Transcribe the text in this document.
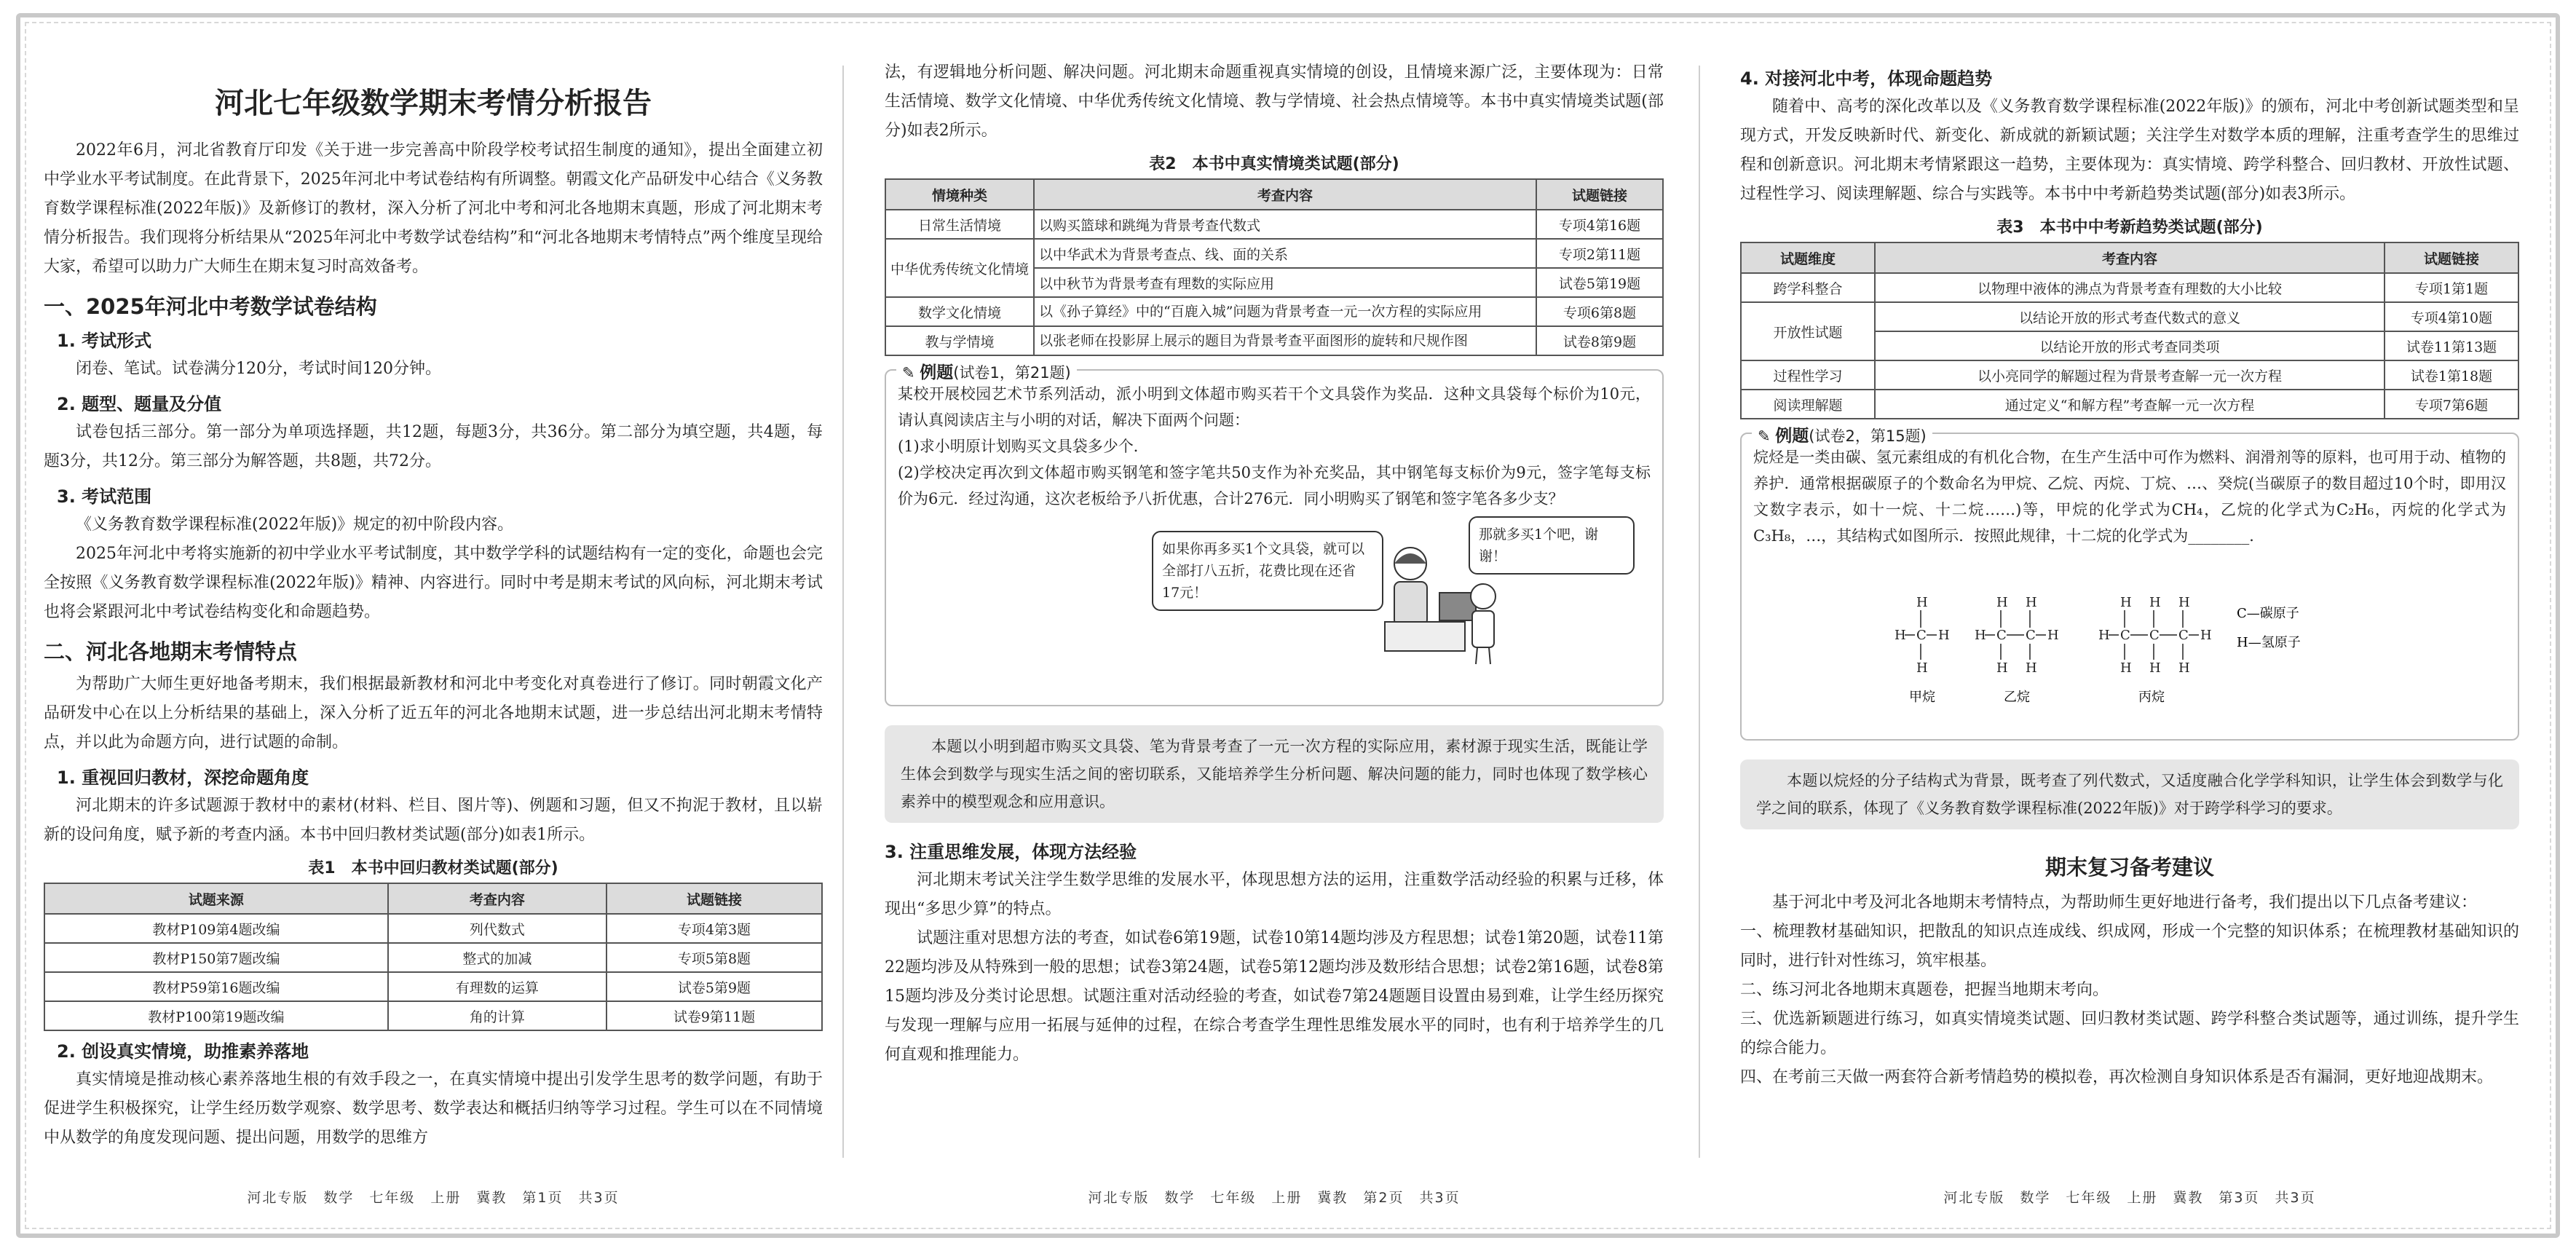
河北七年级数学期末考情分析报告

2022年6月，河北省教育厅印发《关于进一步完善高中阶段学校考试招生制度的通知》，提出全面建立初中学业水平考试制度。在此背景下，2025年河北中考试卷结构有所调整。朝霞文化产品研发中心结合《义务教育数学课程标准(2022年版)》及新修订的教材，深入分析了河北中考和河北各地期末真题，形成了河北期末考情分析报告。我们现将分析结果从“2025年河北中考数学试卷结构”和“河北各地期末考情特点”两个维度呈现给大家，希望可以助力广大师生在期末复习时高效备考。

一、2025年河北中考数学试卷结构
1. 考试形式

闭卷、笔试。试卷满分120分，考试时间120分钟。

2. 题型、题量及分值

试卷包括三部分。第一部分为单项选择题，共12题，每题3分，共36分。第二部分为填空题，共4题，每题3分，共12分。第三部分为解答题，共8题，共72分。

3. 考试范围

《义务教育数学课程标准(2022年版)》规定的初中阶段内容。

2025年河北中考将实施新的初中学业水平考试制度，其中数学学科的试题结构有一定的变化，命题也会完全按照《义务教育数学课程标准(2022年版)》精神、内容进行。同时中考是期末考试的风向标，河北期末考试也将会紧跟河北中考试卷结构变化和命题趋势。

二、河北各地期末考情特点

为帮助广大师生更好地备考期末，我们根据最新教材和河北中考变化对真卷进行了修订。同时朝霞文化产品研发中心在以上分析结果的基础上，深入分析了近五年的河北各地期末试题，进一步总结出河北期末考情特点，并以此为命题方向，进行试题的命制。

1. 重视回归教材，深挖命题角度

河北期末的许多试题源于教材中的素材(材料、栏目、图片等)、例题和习题，但又不拘泥于教材，且以崭新的设问角度，赋予新的考查内涵。本书中回归教材类试题(部分)如表1所示。

表1　本书中回归教材类试题(部分)
试题来源	考查内容	试题链接
教材P109第4题改编	列代数式	专项4第3题
教材P150第7题改编	整式的加减	专项5第8题
教材P59第16题改编	有理数的运算	试卷5第9题
教材P100第19题改编	角的计算	试卷9第11题
2. 创设真实情境，助推素养落地

真实情境是推动核心素养落地生根的有效手段之一，在真实情境中提出引发学生思考的数学问题，有助于促进学生积极探究，让学生经历数学观察、数学思考、数学表达和概括归纳等学习过程。学生可以在不同情境中从数学的角度发现问题、提出问题，用数学的思维方

法，有逻辑地分析问题、解决问题。河北期末命题重视真实情境的创设，且情境来源广泛，主要体现为：日常生活情境、数学文化情境、中华优秀传统文化情境、教与学情境、社会热点情境等。本书中真实情境类试题(部分)如表2所示。

表2　本书中真实情境类试题(部分)
情境种类	考查内容	试题链接
日常生活情境	以购买篮球和跳绳为背景考查代数式	专项4第16题
中华优秀传统文化情境	以中华武术为背景考查点、线、面的关系	专项2第11题
	以中秋节为背景考查有理数的实际应用	试卷5第19题
数学文化情境	以《孙子算经》中的“百鹿入城”问题为背景考查一元一次方程的实际应用	专项6第8题
教与学情境	以张老师在投影屏上展示的题目为背景考查平面图形的旋转和尺规作图	试卷8第9题
✎ 例题(试卷1，第21题)

某校开展校园艺术节系列活动，派小明到文体超市购买若干个文具袋作为奖品．这种文具袋每个标价为10元，请认真阅读店主与小明的对话，解决下面两个问题：

(1)求小明原计划购买文具袋多少个．

(2)学校决定再次到文体超市购买钢笔和签字笔共50支作为补充奖品，其中钢笔每支标价为9元，签字笔每支标价为6元．经过沟通，这次老板给予八折优惠，合计276元．同小明购买了钢笔和签字笔各多少支？

如果你再多买1个文具袋，就可以全部打八五折，花费比现在还省17元！
那就多买1个吧，谢谢！

本题以小明到超市购买文具袋、笔为背景考查了一元一次方程的实际应用，素材源于现实生活，既能让学生体会到数学与现实生活之间的密切联系，又能培养学生分析问题、解决问题的能力，同时也体现了数学核心素养中的模型观念和应用意识。

3. 注重思维发展，体现方法经验

河北期末考试关注学生数学思维的发展水平，体现思想方法的运用，注重数学活动经验的积累与迁移，体现出“多思少算”的特点。

试题注重对思想方法的考查，如试卷6第19题，试卷10第14题均涉及方程思想；试卷1第20题，试卷11第22题均涉及从特殊到一般的思想；试卷3第24题，试卷5第12题均涉及数形结合思想；试卷2第16题，试卷8第15题均涉及分类讨论思想。试题注重对活动经验的考查，如试卷7第24题题目设置由易到难，让学生经历探究与发现一理解与应用一拓展与延伸的过程，在综合考查学生理性思维发展水平的同时，也有利于培养学生的几何直观和推理能力。

4. 对接河北中考，体现命题趋势

随着中、高考的深化改革以及《义务教育数学课程标准(2022年版)》的颁布，河北中考创新试题类型和呈现方式，开发反映新时代、新变化、新成就的新颖试题；关注学生对数学本质的理解，注重考查学生的思维过程和创新意识。河北期末考情紧跟这一趋势，主要体现为：真实情境、跨学科整合、回归教材、开放性试题、过程性学习、阅读理解题、综合与实践等。本书中中考新趋势类试题(部分)如表3所示。

表3　本书中中考新趋势类试题(部分)
试题维度	考查内容	试题链接
跨学科整合	以物理中液体的沸点为背景考查有理数的大小比较	专项1第1题
开放性试题	以结论开放的形式考查代数式的意义	专项4第10题
	以结论开放的形式考查同类项	试卷11第13题
过程性学习	以小亮同学的解题过程为背景考查解一元一次方程	试卷1第18题
阅读理解题	通过定义“和解方程”考查解一元一次方程	专项7第6题
✎ 例题(试卷2，第15题)

烷烃是一类由碳、氢元素组成的有机化合物，在生产生活中可作为燃料、润滑剂等的原料，也可用于动、植物的养护．通常根据碳原子的个数命名为甲烷、乙烷、丙烷、丁烷、…、癸烷(当碳原子的数目超过10个时，即用汉文数字表示，如十一烷、十二烷……)等，甲烷的化学式为CH₄，乙烷的化学式为C₂H₆，丙烷的化学式为C₃H₈，…，其结构式如图所示．按照此规律，十二烷的化学式为________．

H
H C H
H
H H
H C C H
H H
H H H
H C C C H
H H H
甲烷	乙烷	丙烷
C—碳原子
H—氢原子

本题以烷烃的分子结构式为背景，既考查了列代数式，又适度融合化学学科知识，让学生体会到数学与化学之间的联系，体现了《义务教育数学课程标准(2022年版)》对于跨学科学习的要求。

期末复习备考建议

基于河北中考及河北各地期末考情特点，为帮助师生更好地进行备考，我们提出以下几点备考建议：

一、梳理教材基础知识，把散乱的知识点连成线、织成网，形成一个完整的知识体系；在梳理教材基础知识的同时，进行针对性练习，筑牢根基。

二、练习河北各地期末真题卷，把握当地期末考向。

三、优选新颖题进行练习，如真实情境类试题、回归教材类试题、跨学科整合类试题等，通过训练，提升学生的综合能力。

四、在考前三天做一两套符合新考情趋势的模拟卷，再次检测自身知识体系是否有漏洞，更好地迎战期末。

河北专版　数学　七年级　上册　冀教　第1页　共3页	河北专版　数学　七年级　上册　冀教　第2页　共3页	河北专版　数学　七年级　上册　冀教　第3页　共3页
